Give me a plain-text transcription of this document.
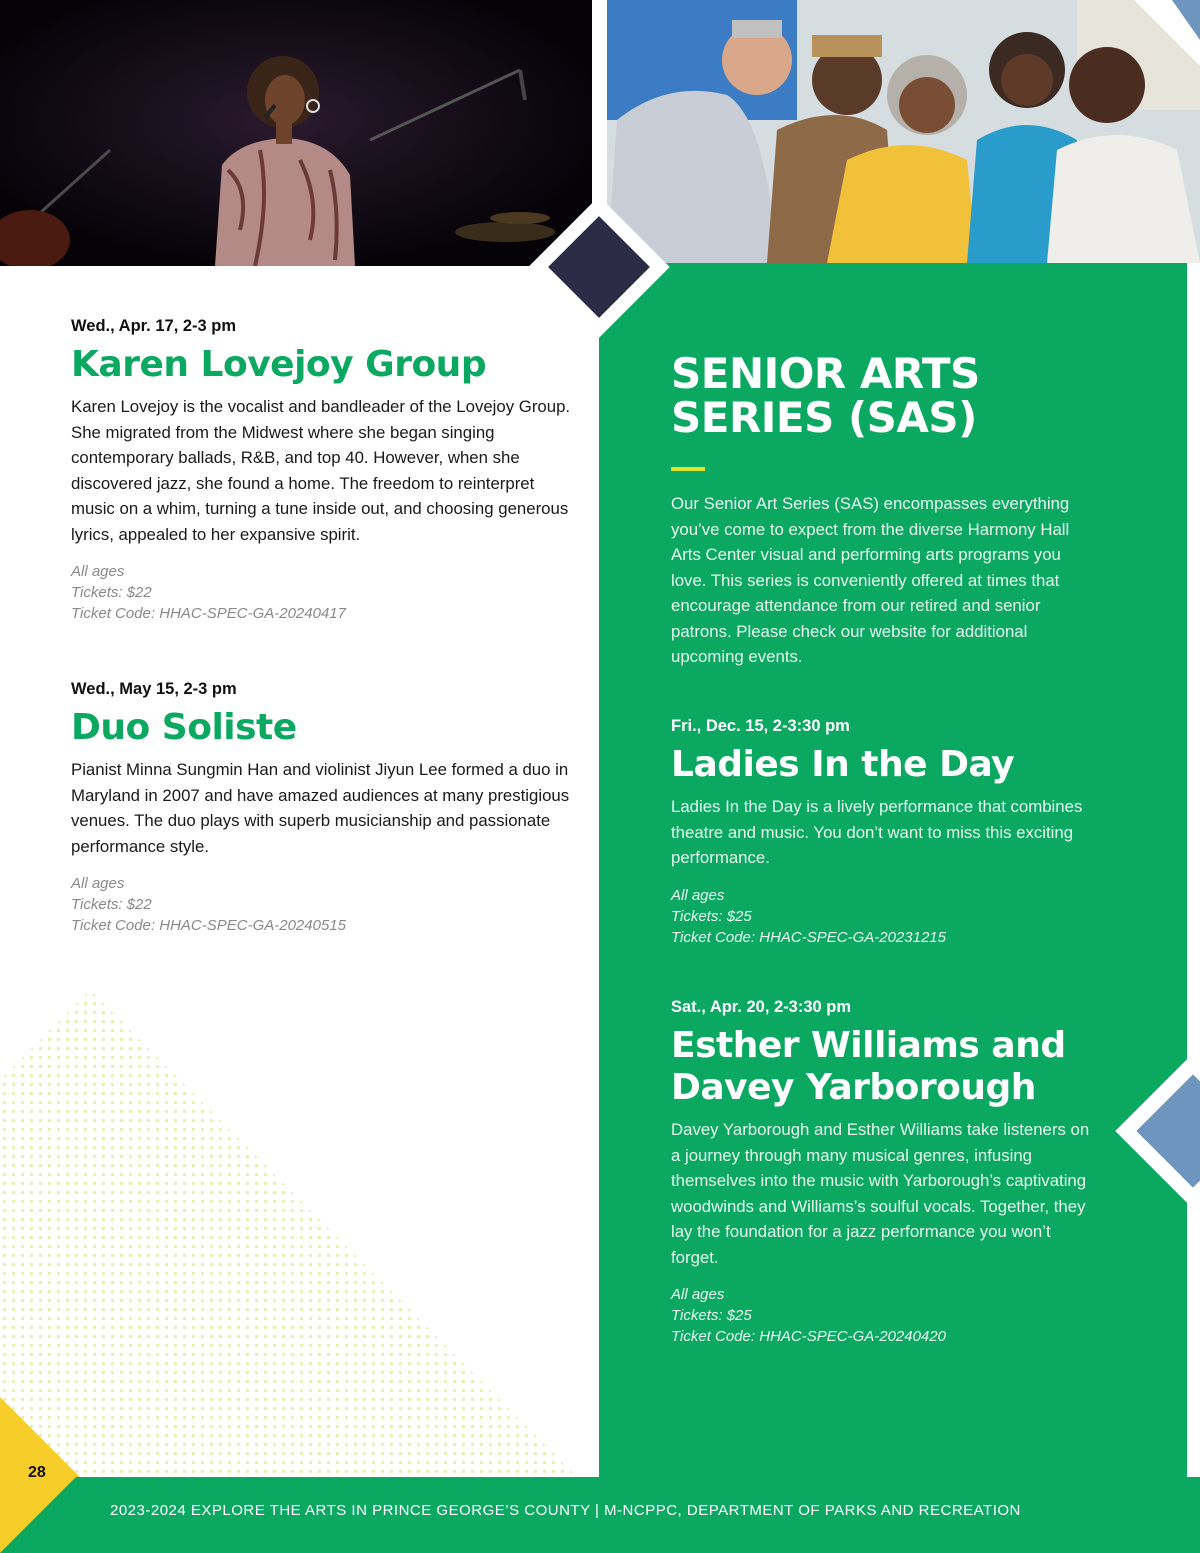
Wed., Apr. 17, 2-3 pm
Karen Lovejoy Group
Karen Lovejoy is the vocalist and bandleader of the Lovejoy Group. She migrated from the Midwest where she began singing contemporary ballads, R&B, and top 40. However, when she discovered jazz, she found a home. The freedom to reinterpret music on a whim, turning a tune inside out, and choosing generous lyrics, appealed to her expansive spirit.
All ages
Tickets: $22
Ticket Code: HHAC-SPEC-GA-20240417
Wed., May 15, 2-3 pm
Duo Soliste
Pianist Minna Sungmin Han and violinist Jiyun Lee formed a duo in Maryland in 2007 and have amazed audiences at many prestigious venues. The duo plays with superb musicianship and passionate performance style.
All ages
Tickets: $22
Ticket Code: HHAC-SPEC-GA-20240515
SENIOR ARTS
SERIES (SAS)
Our Senior Art Series (SAS) encompasses everything you’ve come to expect from the diverse Harmony Hall Arts Center visual and performing arts programs you love. This series is conveniently offered at times that encourage attendance from our retired and senior patrons. Please check our website for additional upcoming events.
Fri., Dec. 15, 2-3:30 pm
Ladies In the Day
Ladies In the Day is a lively performance that combines theatre and music. You don’t want to miss this exciting performance.
All ages
Tickets: $25
Ticket Code: HHAC-SPEC-GA-20231215
Sat., Apr. 20, 2-3:30 pm
Esther Williams and
Davey Yarborough
Davey Yarborough and Esther Williams take listeners on a journey through many musical genres, infusing themselves into the music with Yarborough’s captivating woodwinds and Williams’s soulful vocals. Together, they lay the foundation for a jazz performance you won’t forget.
All ages
Tickets: $25
Ticket Code: HHAC-SPEC-GA-20240420
28
2023-2024 EXPLORE THE ARTS IN PRINCE GEORGE’S COUNTY | M-NCPPC, DEPARTMENT OF PARKS AND RECREATION
